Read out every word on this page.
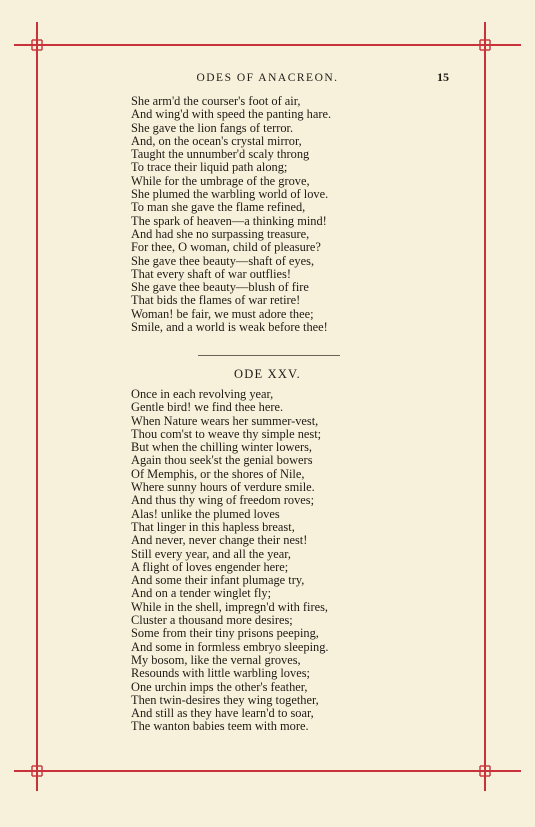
ODES OF ANACREON.	15
She arm'd the courser's foot of air,
And wing'd with speed the panting hare.
She gave the lion fangs of terror.
And, on the ocean's crystal mirror,
Taught the unnumber'd scaly throng
To trace their liquid path along;
While for the umbrage of the grove,
She plumed the warbling world of love.
To man she gave the flame refined,
The spark of heaven—a thinking mind!
And had she no surpassing treasure,
For thee, O woman, child of pleasure?
She gave thee beauty—shaft of eyes,
That every shaft of war outflies!
She gave thee beauty—blush of fire
That bids the flames of war retire!
Woman! be fair, we must adore thee;
Smile, and a world is weak before thee!
ODE XXV.
Once in each revolving year,
Gentle bird! we find thee here.
When Nature wears her summer-vest,
Thou com'st to weave thy simple nest;
But when the chilling winter lowers,
Again thou seek'st the genial bowers
Of Memphis, or the shores of Nile,
Where sunny hours of verdure smile.
And thus thy wing of freedom roves;
Alas! unlike the plumed loves
That linger in this hapless breast,
And never, never change their nest!
Still every year, and all the year,
A flight of loves engender here;
And some their infant plumage try,
And on a tender winglet fly;
While in the shell, impregn'd with fires,
Cluster a thousand more desires;
Some from their tiny prisons peeping,
And some in formless embryo sleeping.
My bosom, like the vernal groves,
Resounds with little warbling loves;
One urchin imps the other's feather,
Then twin-desires they wing together,
And still as they have learn'd to soar,
The wanton babies teem with more.
